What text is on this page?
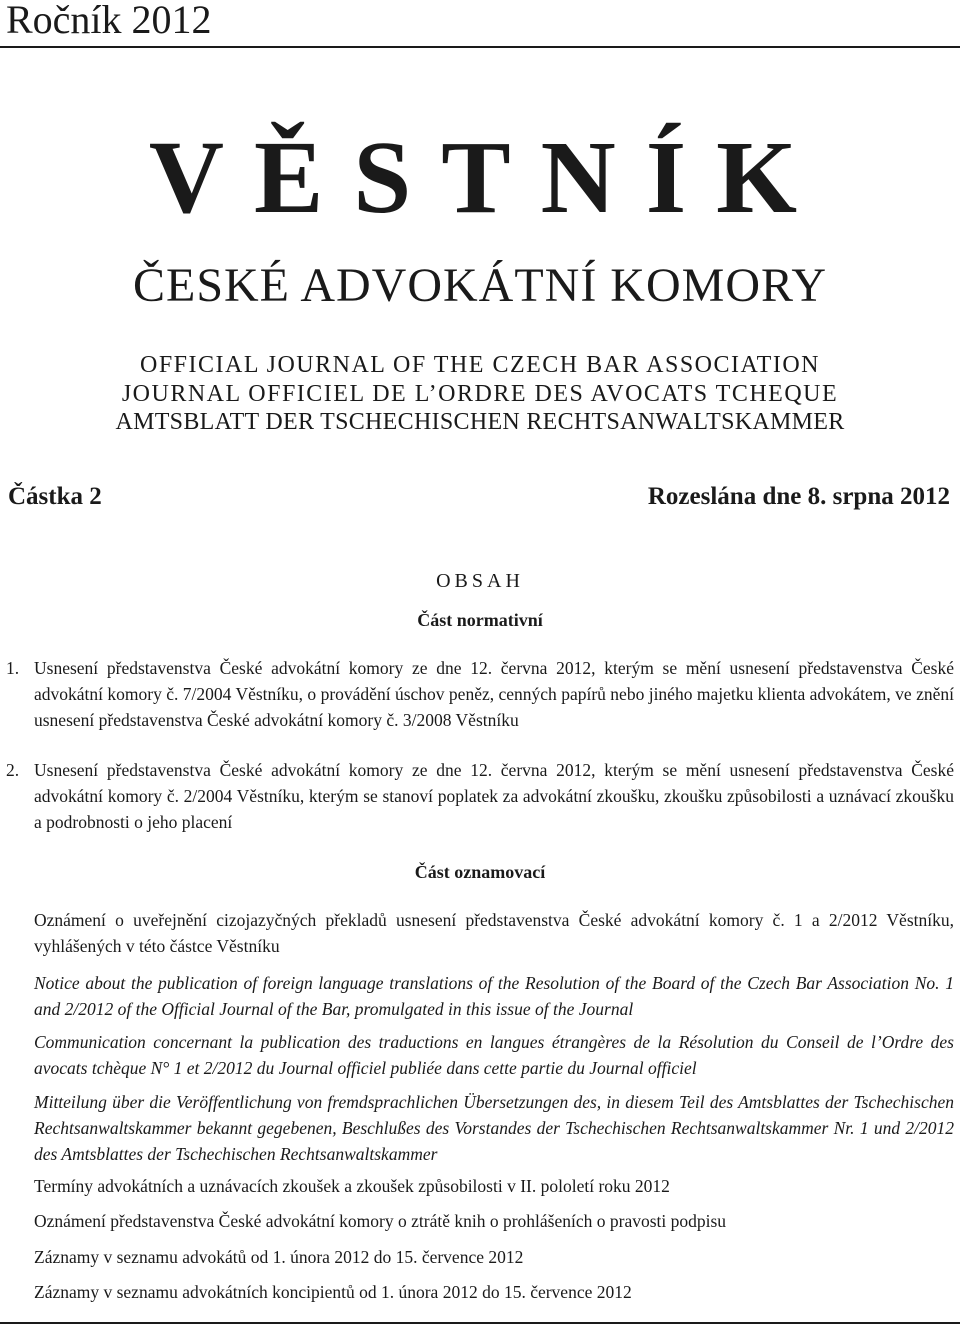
Ročník 2012
VĚSTNÍK
ČESKÉ ADVOKÁTNÍ KOMORY
OFFICIAL JOURNAL OF THE CZECH BAR ASSOCIATION
JOURNAL OFFICIEL DE L’ORDRE DES AVOCATS TCHEQUE
AMTSBLATT DER TSCHECHISCHEN RECHTSANWALTSKAMMER
Částka 2	Rozeslána dne 8. srpna 2012
OBSAH
Část normativní
1. Usnesení představenstva České advokátní komory ze dne 12. června 2012, kterým se mění usnesení představenstva České advokátní komory č. 7/2004 Věstníku, o provádění úschov peněz, cenných papírů nebo jiného majetku klienta advokátem, ve znění usnesení představenstva České advokátní komory č. 3/2008 Věstníku
2. Usnesení představenstva České advokátní komory ze dne 12. června 2012, kterým se mění usnesení představenstva České advokátní komory č. 2/2004 Věstníku, kterým se stanoví poplatek za advokátní zkoušku, zkoušku způsobilosti a uznávací zkoušku a podrobnosti o jeho placení
Část oznamovací
Oznámení o uveřejnění cizojazyčných překladů usnesení představenstva České advokátní komory č. 1 a 2/2012 Věstníku, vyhlášených v této částce Věstníku
Notice about the publication of foreign language translations of the Resolution of the Board of the Czech Bar Association No. 1 and 2/2012 of the Official Journal of the Bar, promulgated in this issue of the Journal
Communication concernant la publication des traductions en langues étrangères de la Résolution du Conseil de l’Ordre des avocats tchèque N° 1 et 2/2012 du Journal officiel publiée dans cette partie du Journal officiel
Mitteilung über die Veröffentlichung von fremdsprachlichen Übersetzungen des, in diesem Teil des Amtsblattes der Tschechischen Rechtsanwaltskammer bekannt gegebenen, Beschlußes des Vorstandes der Tschechischen Rechtsanwaltskammer Nr. 1 und 2/2012 des Amtsblattes der Tschechischen Rechtsanwaltskammer
Termíny advokátních a uznávacích zkoušek a zkoušek způsobilosti v II. pololetí roku 2012
Oznámení představenstva České advokátní komory o ztrátě knih o prohlášeních o pravosti podpisu
Záznamy v seznamu advokátů od 1. února 2012 do 15. července 2012
Záznamy v seznamu advokátních koncipientů od 1. února 2012 do 15. července 2012
